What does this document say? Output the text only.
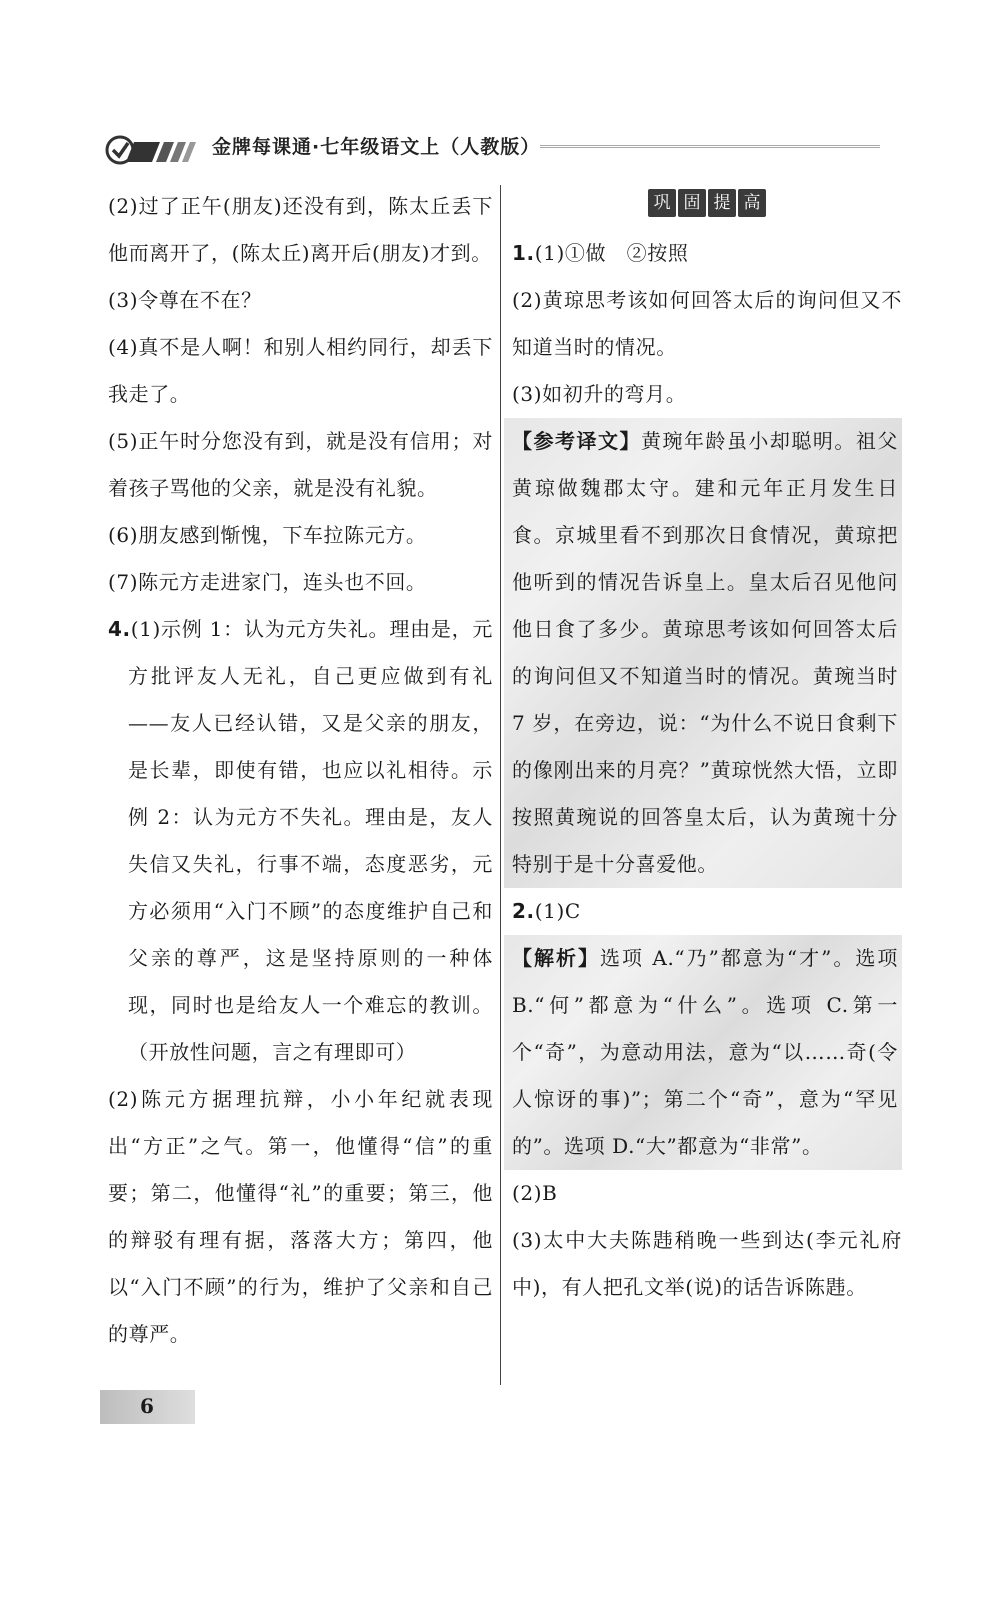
金牌每课通·七年级语文上（人教版）

(2)过了正午(朋友)还没有到，陈太丘丢下他而离开了，(陈太丘)离开后(朋友)才到。

(3)令尊在不在？

(4)真不是人啊！和别人相约同行，却丢下我走了。

(5)正午时分您没有到，就是没有信用；对着孩子骂他的父亲，就是没有礼貌。

(6)朋友感到惭愧，下车拉陈元方。

(7)陈元方走进家门，连头也不回。

4.(1)示例 1：认为元方失礼。理由是，元方批评友人无礼，自己更应做到有礼——友人已经认错，又是父亲的朋友，是长辈，即使有错，也应以礼相待。示例 2：认为元方不失礼。理由是，友人失信又失礼，行事不端，态度恶劣，元方必须用“入门不顾”的态度维护自己和父亲的尊严，这是坚持原则的一种体现，同时也是给友人一个难忘的教训。（开放性问题，言之有理即可）

(2)陈元方据理抗辩，小小年纪就表现出“方正”之气。第一，他懂得“信”的重要；第二，他懂得“礼”的重要；第三，他的辩驳有理有据，落落大方；第四，他以“入门不顾”的行为，维护了父亲和自己的尊严。

巩 固 提 高

1.(1)①做　②按照

(2)黄琼思考该如何回答太后的询问但又不知道当时的情况。

(3)如初升的弯月。

【参考译文】黄琬年龄虽小却聪明。祖父黄琼做魏郡太守。建和元年正月发生日食。京城里看不到那次日食情况，黄琼把他听到的情况告诉皇上。皇太后召见他问他日食了多少。黄琼思考该如何回答太后的询问但又不知道当时的情况。黄琬当时 7 岁，在旁边，说：“为什么不说日食剩下的像刚出来的月亮？”黄琼恍然大悟，立即按照黄琬说的回答皇太后，认为黄琬十分特别于是十分喜爱他。

2.(1)C

【解析】选项 A.“乃”都意为“才”。选项 B.“何”都意为“什么”。选项 C.第一个“奇”，为意动用法，意为“以……奇(令人惊讶的事)”；第二个“奇”，意为“罕见的”。选项 D.“大”都意为“非常”。

(2)B

(3)太中大夫陈韪稍晚一些到达(李元礼府中)，有人把孔文举(说)的话告诉陈韪。

6
